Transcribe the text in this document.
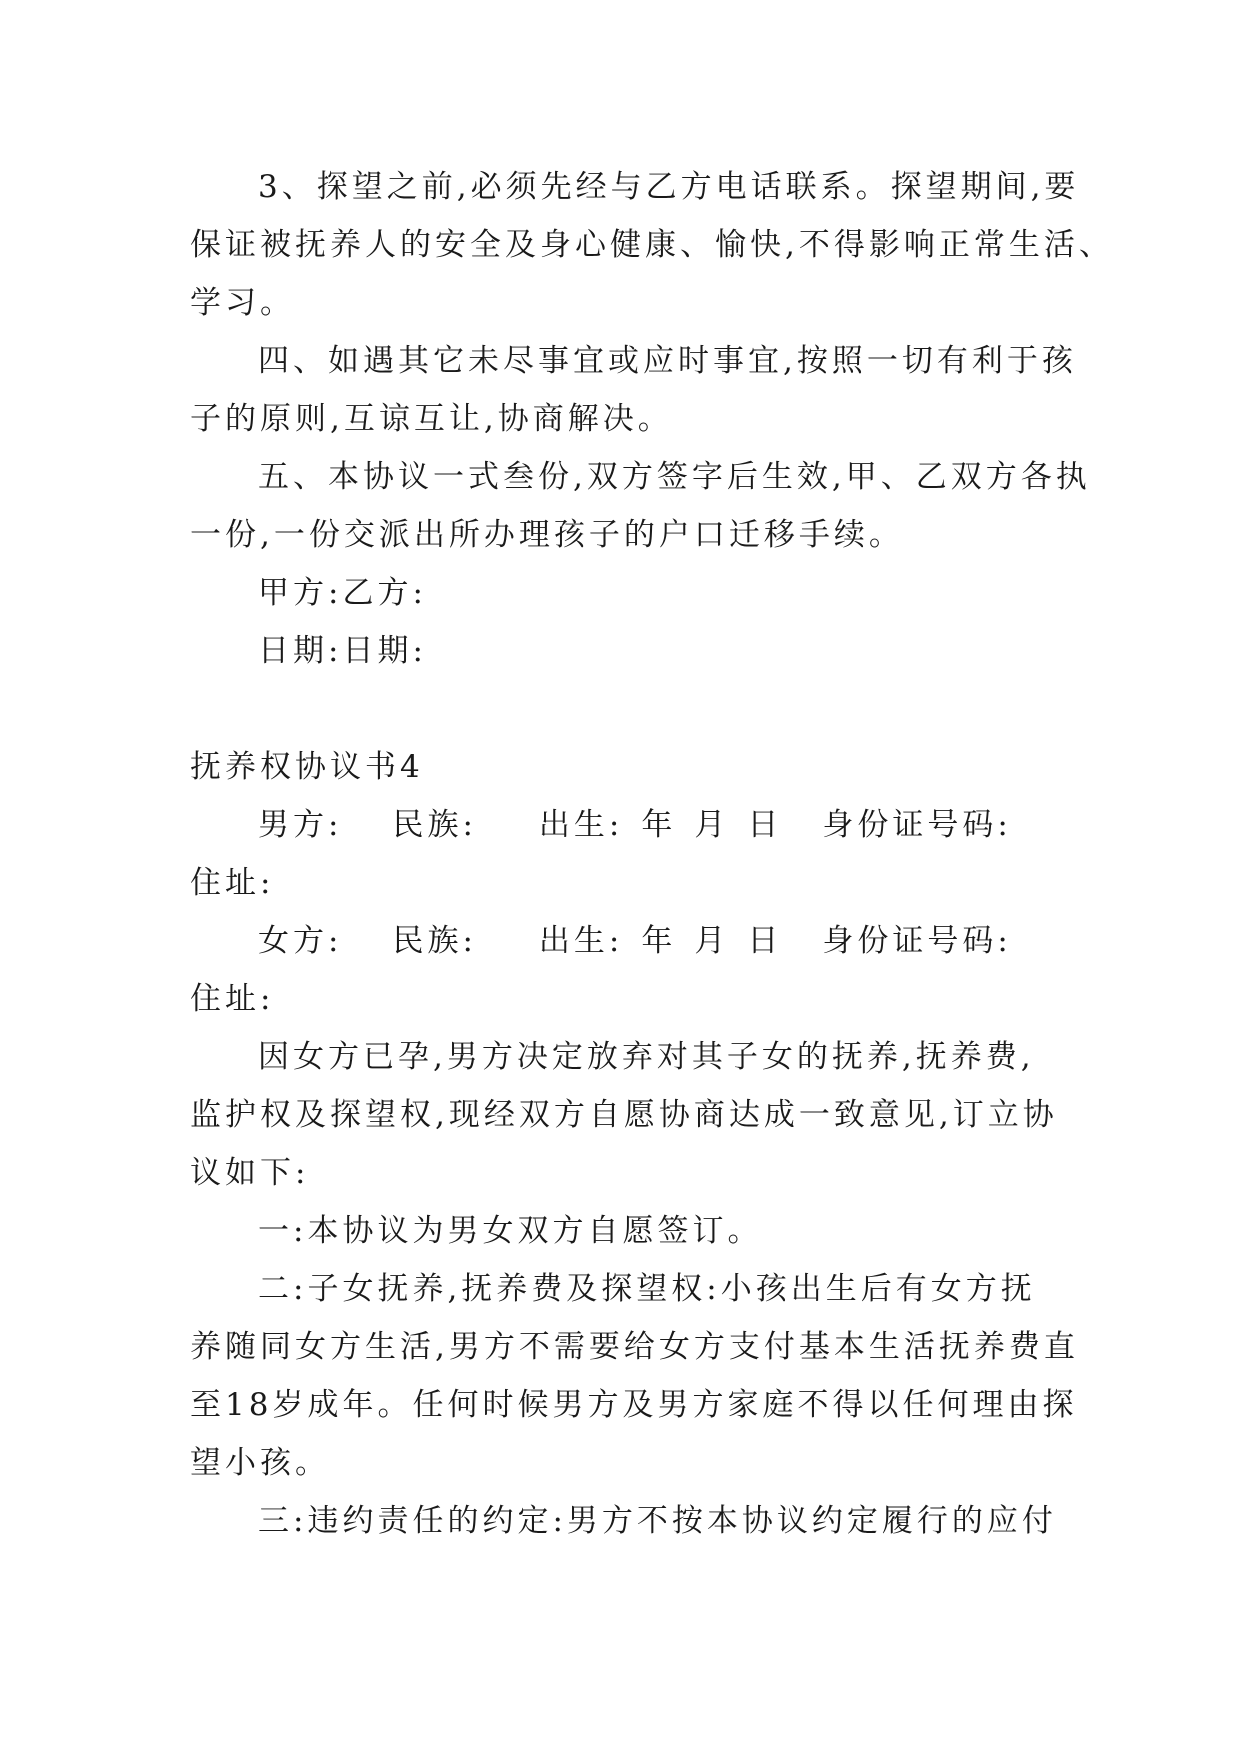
3、探望之前,必须先经与乙方电话联系。探望期间,要
保证被抚养人的安全及身心健康、愉快,不得影响正常生活、
学习。
四、如遇其它未尽事宜或应时事宜,按照一切有利于孩
子的原则,互谅互让,协商解决。
五、本协议一式叁份,双方签字后生效,甲、乙双方各执
一份,一份交派出所办理孩子的户口迁移手续。
甲方:乙方:
日期:日期:
抚养权协议书4
男方: 民族: 出生: 年 月 日 身份证号码:
住址:
女方: 民族: 出生: 年 月 日 身份证号码:
住址:
因女方已孕,男方决定放弃对其子女的抚养,抚养费,
监护权及探望权,现经双方自愿协商达成一致意见,订立协
议如下:
一:本协议为男女双方自愿签订。
二:子女抚养,抚养费及探望权:小孩出生后有女方抚
养随同女方生活,男方不需要给女方支付基本生活抚养费直
至18岁成年。任何时候男方及男方家庭不得以任何理由探
望小孩。
三:违约责任的约定:男方不按本协议约定履行的应付
